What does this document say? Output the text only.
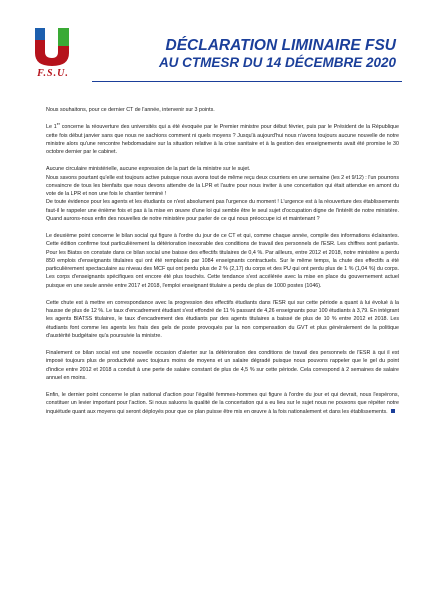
F.S.U.
DÉCLARATION LIMINAIRE FSU
AU CTMESR DU 14 DÉCEMBRE 2020

Nous souhaitons, pour ce dernier CT de l'année, intervenir sur 3 points.

Le 1er concerne la réouverture des universités qui a été évoquée par le Premier ministre pour début février, puis par le Président de la République cette fois début janvier sans que nous ne sachions comment ni quels moyens ? Jusqu'à aujourd'hui nous n'avons toujours aucune nouvelle de notre ministre alors qu'une rencontre hebdomadaire sur la situation relative à la crise sanitaire et à la gestion des enseignements avait été promise le 30 octobre dernier par le cabinet.

Aucune circulaire ministérielle, aucune expression de la part de la ministre sur le sujet.
Nous savons pourtant qu'elle est toujours active puisque nous avons tout de même reçu deux courriers en une semaine (les 2 et 9/12) : l'un pourrons convaincre de tous les bienfaits que nous devons attendre de la LPR et l'autre pour nous inviter à une concertation qui était attendue en amont du vote de la LPR et non une fois le chantier terminé !
De toute évidence pour les agents et les étudiants ce n'est absolument pas l'urgence du moment ! L'urgence est à la réouverture des établissements faut-il le rappeler une énième fois et pas à la mise en œuvre d'une loi qui semble être le seul sujet d'occupation digne de l'intérêt de notre ministère. Quand aurons-nous enfin des nouvelles de notre ministère pour parler de ce qui nous préoccupe ici et maintenant ?

Le deuxième point concerne le bilan social qui figure à l'ordre du jour de ce CT et qui, comme chaque année, compile des informations éclairantes. Cette édition confirme tout particulièrement la détérioration inexorable des conditions de travail des personnels de l'ESR. Les chiffres sont parlants. Pour les Biatss on constate dans ce bilan social une baisse des effectifs titulaires de 0,4 %. Par ailleurs, entre 2012 et 2018, notre ministère a perdu 850 emplois d'enseignants titulaires qui ont été remplacés par 1084 enseignants contractuels. Sur le même temps, la chute des effectifs a été particulièrement spectaculaire au niveau des MCF qui ont perdu plus de 2 % (2,17) du corps et des PU qui ont perdu plus de 1 % (1,04 %) du corps. Les corps d'enseignants spécifiques ont encore été plus touchés. Cette tendance s'est accélérée avec la mise en place du gouvernement actuel puisque en une seule année entre 2017 et 2018, l'emploi enseignant titulaire a perdu de plus de 1000 postes (1046).

Cette chute est à mettre en correspondance avec la progression des effectifs étudiants dans l'ESR qui sur cette période a quant à lui évolué à la hausse de plus de 12 %. Le taux d'encadrement étudiant s'est effondré de 11 % passant de 4,26 enseignants pour 100 étudiants à 3,79. En intégrant les agents BIATSS titulaires, le taux d'encadrement des étudiants par des agents titulaires a baissé de plus de 10 % entre 2012 et 2018. Les étudiants font comme les agents les frais des gels de poste provoqués par la non compensation du GVT et plus généralement de la politique d'austérité budgétaire qu'a poursuivie la ministre.

Finalement ce bilan social est une nouvelle occasion d'alerter sur la détérioration des conditions de travail des personnels de l'ESR à qui il est imposé toujours plus de productivité avec toujours moins de moyens et un salaire dégradé puisque nous pouvons rappeler que le gel du point d'indice entre 2012 et 2018 a conduit à une perte de salaire constant de plus de 4,5 % sur cette période. Cela correspond à 2 semaines de salaire annuel en moins.

Enfin, le dernier point concerne le plan national d'action pour l'égalité femmes-hommes qui figure à l'ordre du jour et qui devrait, nous l'espérons, constituer un levier important pour l'action. Si nous saluons la qualité de la concertation qui a eu lieu sur le sujet nous ne pouvons que répéter notre inquiétude quant aux moyens qui seront déployés pour que ce plan puisse être mis en œuvre à la fois nationalement et dans les établissements.
